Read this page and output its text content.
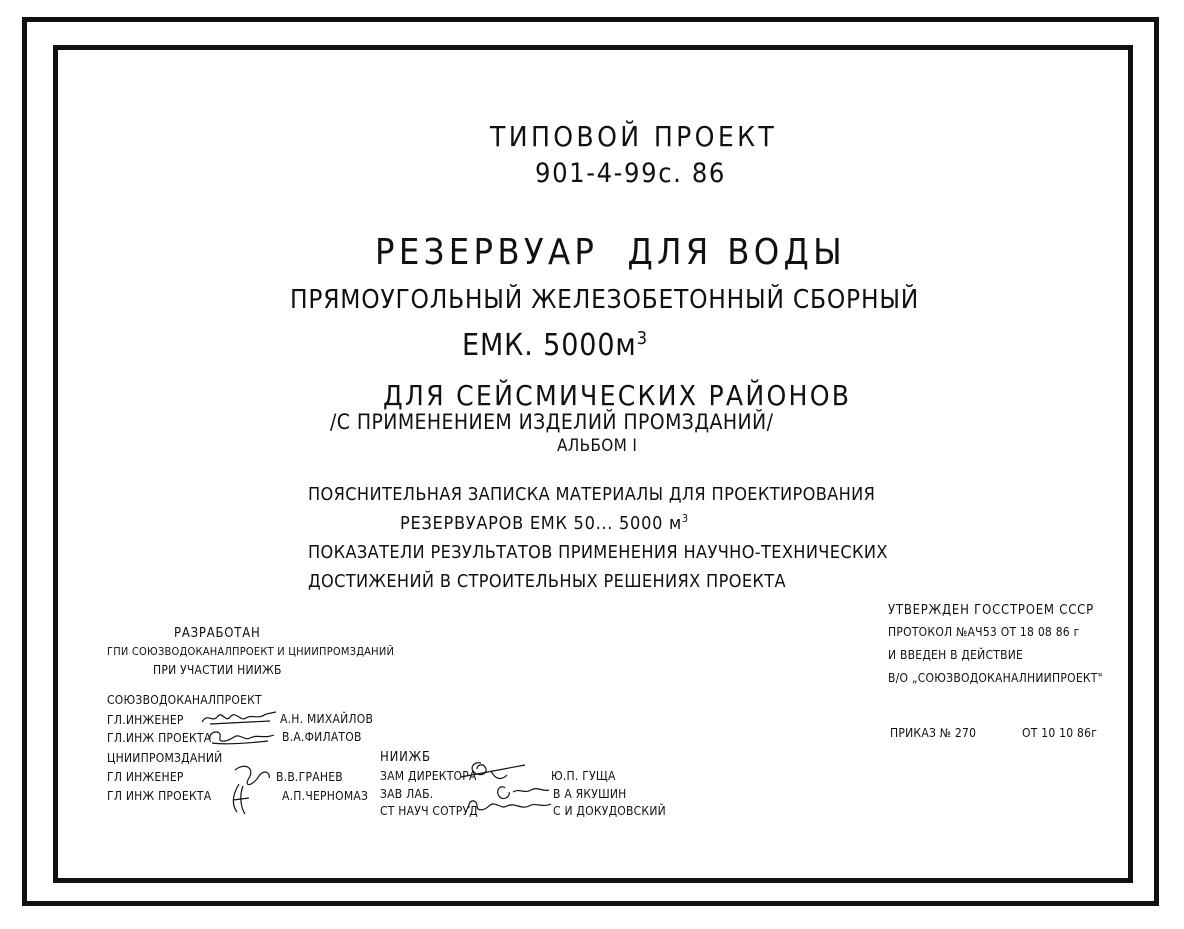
ТИПОВОЙ ПРОЕКТ
901-4-99с. 86
РЕЗЕРВУАР  ДЛЯ ВОДЫ
ПРЯМОУГОЛЬНЫЙ ЖЕЛЕЗОБЕТОННЫЙ СБОРНЫЙ
ЕМК. $5000м^3$
ДЛЯ СЕЙСМИЧЕСКИХ РАЙОНОВ
/С ПРИМЕНЕНИЕМ ИЗДЕЛИЙ ПРОМЗДАНИЙ/
АЛЬБОМ I
ПОЯСНИТЕЛЬНАЯ ЗАПИСКА МАТЕРИАЛЫ ДЛЯ ПРОЕКТИРОВАНИЯ
РЕЗЕРВУАРОВ ЕМК 50... 5000 $м^3$
ПОКАЗАТЕЛИ РЕЗУЛЬТАТОВ ПРИМЕНЕНИЯ НАУЧНО-ТЕХНИЧЕСКИХ
ДОСТИЖЕНИЙ В СТРОИТЕЛЬНЫХ РЕШЕНИЯХ ПРОЕКТА
РАЗРАБОТАН
ГПИ СОЮЗВОДОКАНАЛПРОЕКТ И ЦНИИПРОМЗДАНИЙ
ПРИ УЧАСТИИ НИИЖБ
УТВЕРЖДЕН ГОССТРОЕМ СССР
ПРОТОКОЛ №АЧ53 ОТ 18 08 86 г
И ВВЕДЕН В ДЕЙСТВИЕ
В/О „СОЮЗВОДОКАНАЛНИИПРОЕКТ"
ПРИКАЗ № 270	ОТ 10 10 86г
СОЮЗВОДОКАНАЛПРОЕКТ
ГЛ.ИНЖЕНЕР	А.Н. МИХАЙЛОВ
ГЛ.ИНЖ ПРОЕКТА	В.А.ФИЛАТОВ
ЦНИИПРОМЗДАНИЙ
ГЛ ИНЖЕНЕР	В.В.ГРАНЕВ
ГЛ ИНЖ ПРОЕКТА	А.П.ЧЕРНОМАЗ
НИИЖБ
ЗАМ ДИРЕКТОРА	Ю.П. ГУЩА
ЗАВ ЛАБ.	В А ЯКУШИН
СТ НАУЧ СОТРУД	С И ДОКУДОВСКИЙ
